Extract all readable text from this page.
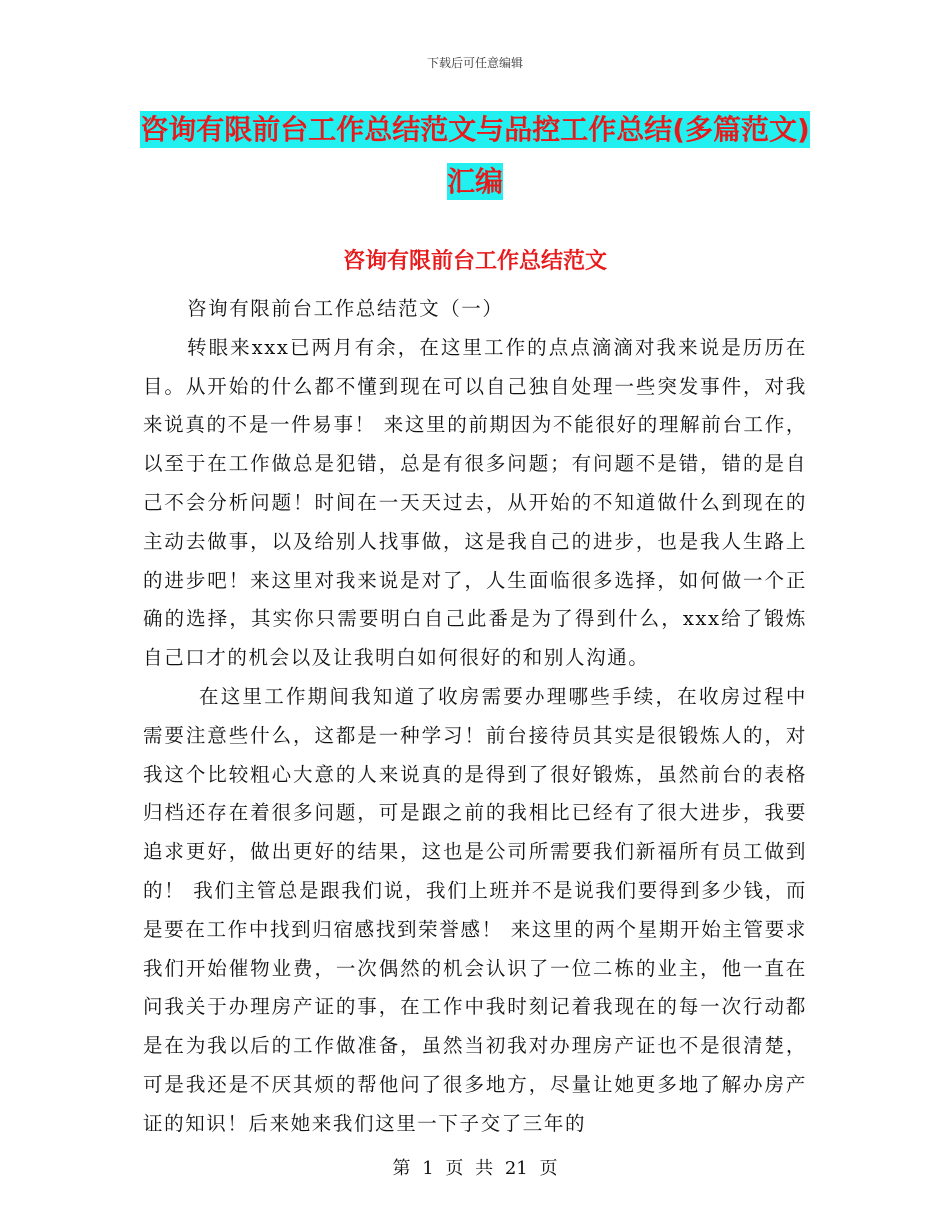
下载后可任意编辑
咨询有限前台工作总结范文与品控工作总结(多篇范文)汇编
咨询有限前台工作总结范文

咨询有限前台工作总结范文（一）

转眼来xxx已两月有余，在这里工作的点点滴滴对我来说是历历在目。从开始的什么都不懂到现在可以自己独自处理一些突发事件，对我来说真的不是一件易事！ 来这里的前期因为不能很好的理解前台工作，以至于在工作做总是犯错，总是有很多问题；有问题不是错，错的是自己不会分析问题！时间在一天天过去，从开始的不知道做什么到现在的主动去做事，以及给别人找事做，这是我自己的进步，也是我人生路上的进步吧！来这里对我来说是对了，人生面临很多选择，如何做一个正确的选择，其实你只需要明白自己此番是为了得到什么，xxx给了锻炼自己口才的机会以及让我明白如何很好的和别人沟通。

在这里工作期间我知道了收房需要办理哪些手续，在收房过程中需要注意些什么，这都是一种学习！前台接待员其实是很锻炼人的，对我这个比较粗心大意的人来说真的是得到了很好锻炼，虽然前台的表格归档还存在着很多问题，可是跟之前的我相比已经有了很大进步，我要追求更好，做出更好的结果，这也是公司所需要我们新福所有员工做到的！ 我们主管总是跟我们说，我们上班并不是说我们要得到多少钱，而是要在工作中找到归宿感找到荣誉感！ 来这里的两个星期开始主管要求我们开始催物业费，一次偶然的机会认识了一位二栋的业主，他一直在问我关于办理房产证的事，在工作中我时刻记着我现在的每一次行动都是在为我以后的工作做准备，虽然当初我对办理房产证也不是很清楚，可是我还是不厌其烦的帮他问了很多地方，尽量让她更多地了解办房产证的知识！后来她来我们这里一下子交了三年的

第 1 页 共 21 页
